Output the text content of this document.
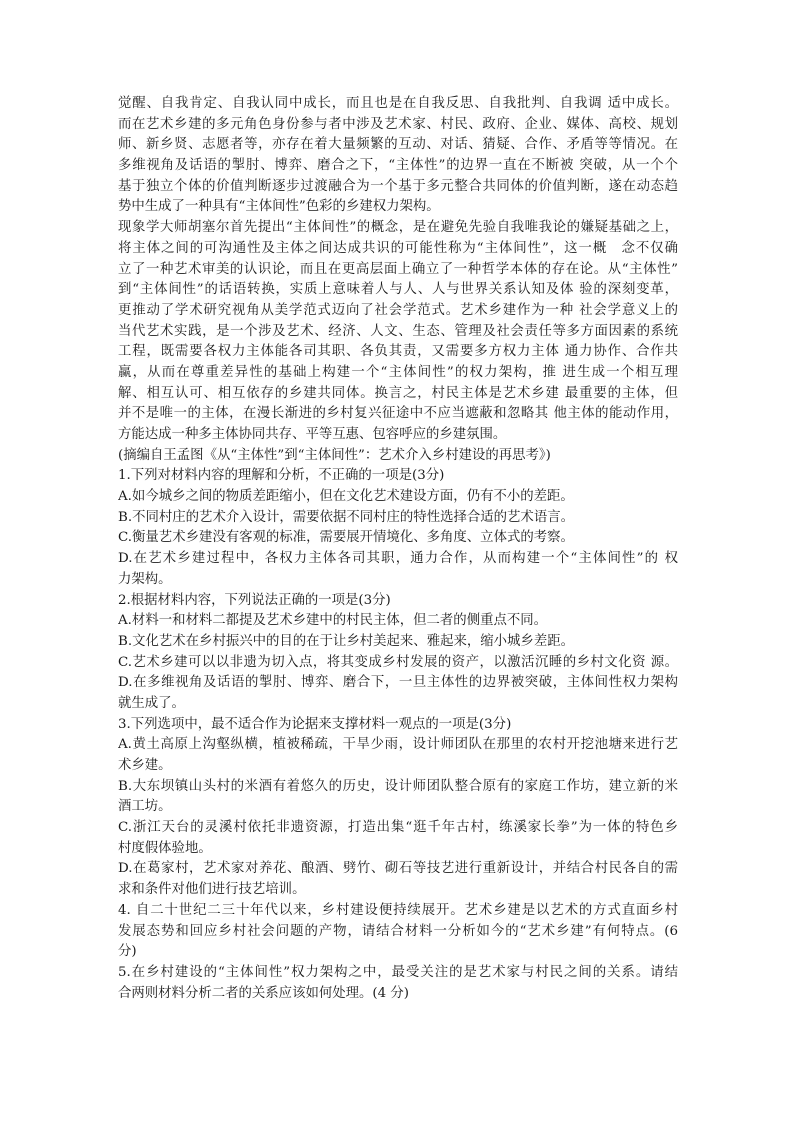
觉醒、自我肯定、自我认同中成长，而且也是在自我反思、自我批判、自我调 适中成长。
而在艺术乡建的多元角色身份参与者中涉及艺术家、村民、政府、企业、媒体、高校、规划
师、新乡贤、志愿者等，亦存在着大量频繁的互动、对话、猜疑、合作、矛盾等等情况。在
多维视角及话语的掣肘、博弈、磨合之下，“主体性”的边界一直在不断被 突破，从一个个
基于独立个体的价值判断逐步过渡融合为一个基于多元整合共同体的价值判断，遂在动态趋
势中生成了一种具有“主体间性”色彩的乡建权力架构。
现象学大师胡塞尔首先提出“主体间性”的概念，是在避免先验自我唯我论的嫌疑基础之上，
将主体之间的可沟通性及主体之间达成共识的可能性称为“主体间性”，这一概　念不仅确
立了一种艺术审美的认识论，而且在更高层面上确立了一种哲学本体的存在论。从“主体性”
到“主体间性”的话语转换，实质上意味着人与人、人与世界关系认知及体 验的深刻变革，
更推动了学术研究视角从美学范式迈向了社会学范式。艺术乡建作为一种 社会学意义上的
当代艺术实践，是一个涉及艺术、经济、人文、生态、管理及社会责任等多方面因素的系统
工程，既需要各权力主体能各司其职、各负其责，又需要多方权力主体 通力协作、合作共
赢，从而在尊重差异性的基础上构建一个“主体间性”的权力架构，推 进生成一个相互理
解、相互认可、相互依存的乡建共同体。换言之，村民主体是艺术乡建 最重要的主体，但
并不是唯一的主体，在漫长渐进的乡村复兴征途中不应当遮蔽和忽略其 他主体的能动作用，
方能达成一种多主体协同共存、平等互惠、包容呼应的乡建氛围。
(摘编自王孟图《从“主体性”到“主体间性”：艺术介入乡村建设的再思考》)
1.下列对材料内容的理解和分析，不正确的一项是(3分)
A.如今城乡之间的物质差距缩小，但在文化艺术建设方面，仍有不小的差距。
B.不同村庄的艺术介入设计，需要依据不同村庄的特性选择合适的艺术语言。
C.衡量艺术乡建没有客观的标准，需要展开情境化、多角度、立体式的考察。
D.在艺术乡建过程中，各权力主体各司其职，通力合作，从而构建一个“主体间性”的 权
力架构。
2.根据材料内容，下列说法正确的一项是(3分)
A.材料一和材料二都提及艺术乡建中的村民主体，但二者的侧重点不同。
B.文化艺术在乡村振兴中的目的在于让乡村美起来、雅起来，缩小城乡差距。
C.艺术乡建可以以非遗为切入点，将其变成乡村发展的资产，以激活沉睡的乡村文化资 源。
D.在多维视角及话语的掣肘、博弈、磨合下，一旦主体性的边界被突破，主体间性权力架构
就生成了。
3.下列选项中，最不适合作为论据来支撑材料一观点的一项是(3分)
A.黄土高原上沟壑纵横，植被稀疏，干旱少雨，设计师团队在那里的农村开挖池塘来进行艺
术乡建。
B.大东坝镇山头村的米酒有着悠久的历史，设计师团队整合原有的家庭工作坊，建立新的米
酒工坊。
C.浙江天台的灵溪村依托非遗资源，打造出集“逛千年古村，练溪家长拳”为一体的特色乡
村度假体验地。
D.在葛家村，艺术家对养花、酿酒、劈竹、砌石等技艺进行重新设计，并结合村民各自的需
求和条件对他们进行技艺培训。
4. 自二十世纪二三十年代以来，乡村建设便持续展开。艺术乡建是以艺术的方式直面乡村
发展态势和回应乡村社会问题的产物，请结合材料一分析如今的“艺术乡建”有何特点。(6
分)
5.在乡村建设的“主体间性”权力架构之中，最受关注的是艺术家与村民之间的关系。请结
合两则材料分析二者的关系应该如何处理。(4 分)
